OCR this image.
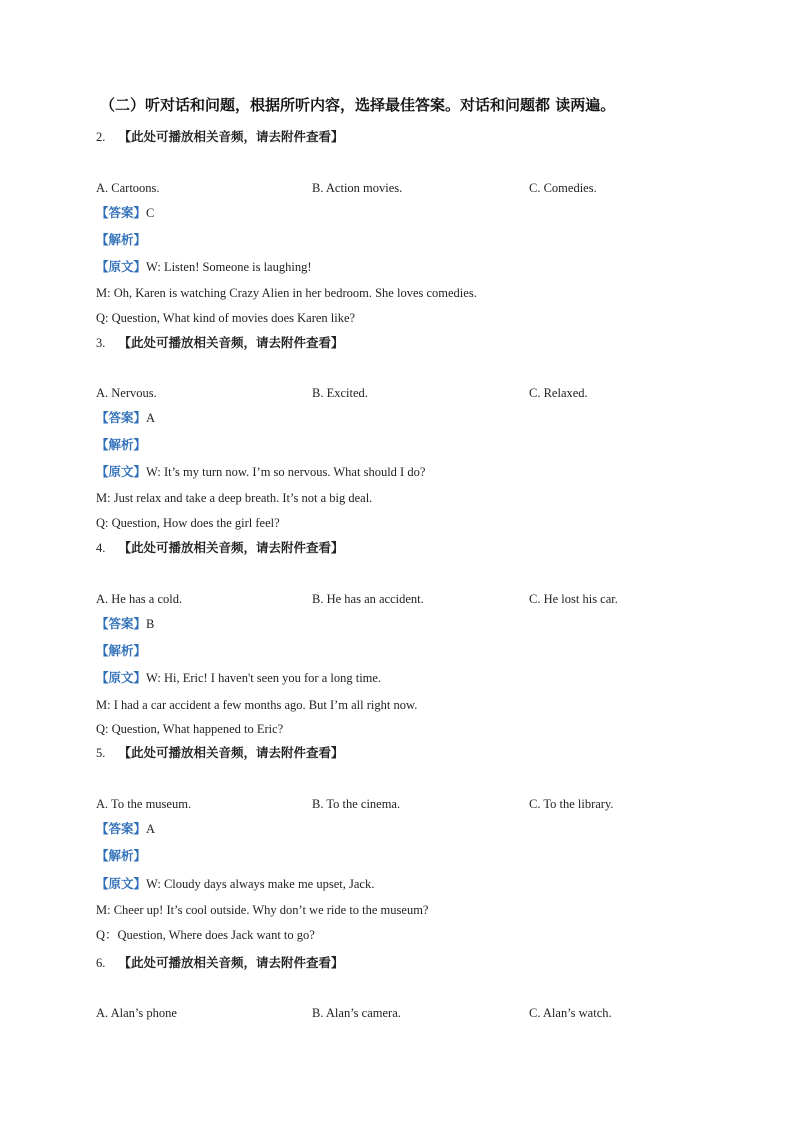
（二）听对话和问题，根据所听内容，选择最佳答案。对话和问题都 读两遍。
2. 【此处可播放相关音频，请去附件查看】
A. Cartoons.	B. Action movies.	C. Comedies.
【答案】C
【解析】
【原文】W: Listen! Someone is laughing!
M: Oh, Karen is watching Crazy Alien in her bedroom. She loves comedies.
Q: Question, What kind of movies does Karen like?
3. 【此处可播放相关音频，请去附件查看】
A. Nervous.	B. Excited.	C. Relaxed.
【答案】A
【解析】
【原文】W: It’s my turn now. I’m so nervous. What should I do?
M: Just relax and take a deep breath. It’s not a big deal.
Q: Question, How does the girl feel?
4. 【此处可播放相关音频，请去附件查看】
A. He has a cold.	B. He has an accident.	C. He lost his car.
【答案】B
【解析】
【原文】W: Hi, Eric! I haven't seen you for a long time.
M: I had a car accident a few months ago. But I’m all right now.
Q: Question, What happened to Eric?
5. 【此处可播放相关音频，请去附件查看】
A. To the museum.	B. To the cinema.	C. To the library.
【答案】A
【解析】
【原文】W: Cloudy days always make me upset, Jack.
M: Cheer up! It’s cool outside. Why don’t we ride to the museum?
Q：Question, Where does Jack want to go?
6. 【此处可播放相关音频，请去附件查看】
A. Alan’s phone	B. Alan’s camera.	C. Alan’s watch.
